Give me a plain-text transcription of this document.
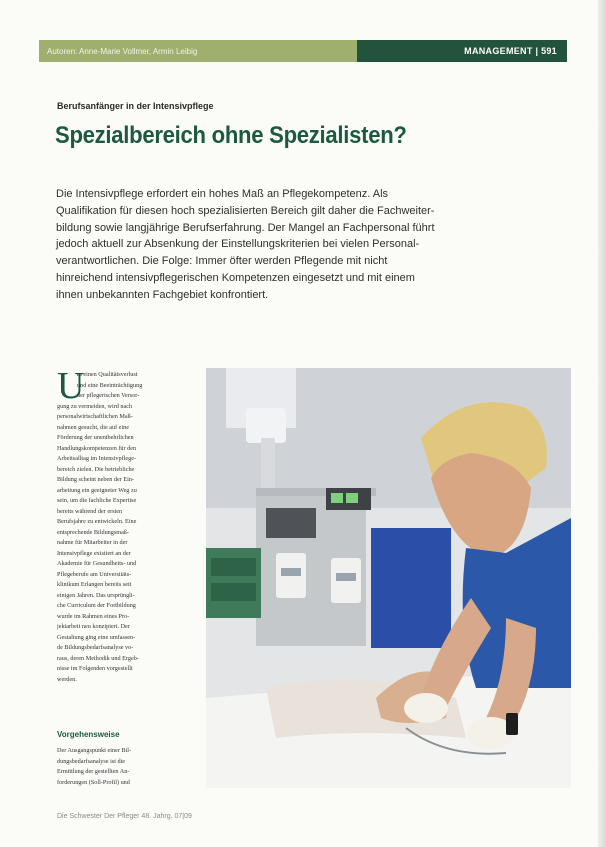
Autoren: Anne-Marie Vollmer, Armin Leibig	MANAGEMENT | 591
Berufsanfänger in der Intensivpflege
Spezialbereich ohne Spezialisten?

Die Intensivpflege erfordert ein hohes Maß an Pflegekompetenz. Als
Qualifikation für diesen hoch spezialisierten Bereich gilt daher die Fachweiter-
bildung sowie langjährige Berufserfahrung. Der Mangel an Fachpersonal führt
jedoch aktuell zur Absenkung der Einstellungskriterien bei vielen Personal-
verantwortlichen. Die Folge: Immer öfter werden Pflegende mit nicht
hinreichend intensivpflegerischen Kompetenzen eingesetzt und mit einem
ihnen unbekannten Fachgebiet konfrontiert.

U
m einen Qualitätsverlust
und eine Beeinträchtigung
der pflegerischen Versor-
gung zu vermeiden, wird nach
personalwirtschaftlichen Maß-
nahmen gesucht, die auf eine
Förderung der unentbehrlichen
Handlungskompetenzen für den
Arbeitsalltag im Intensivpflege-
bereich zielen. Die betriebliche
Bildung scheint neben der Ein-
arbeitung ein geeigneter Weg zu
sein, um die fachliche Expertise
bereits während der ersten
Berufsjahre zu entwickeln. Eine
entsprechende Bildungsmaß-
nahme für Mitarbeiter in der
Intensivpflege existiert an der
Akademie für Gesundheits- und
Pflegeberufe am Universitäts-
klinikum Erlangen bereits seit
einigen Jahren. Das ursprüngli-
che Curriculum der Fortbildung
wurde im Rahmen eines Pro-
jektarbeit neu konzipiert. Der
Gestaltung ging eine umfassen-
de Bildungsbedarfsanalyse vo-
raus, deren Methodik und Ergeb-
nisse im Folgenden vorgestellt
werden.
Vorgehensweise
Der Ausgangspunkt einer Bil-
dungsbedarfsanalyse ist die
Ermittlung der gestellten An-
forderungen (Soll-Profil) und
Die Schwester Der Pfleger 48. Jahrg. 07|09
